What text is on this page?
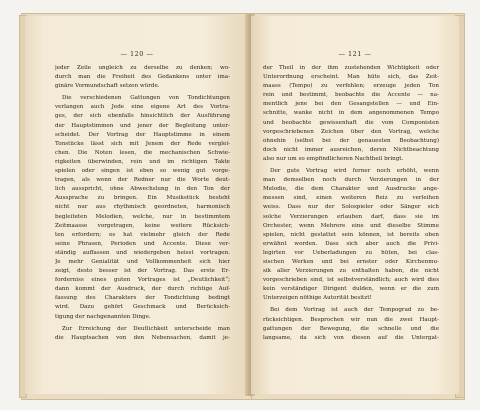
— 120 —
jeder Zeile ungleich zu derselbe zu denken; wo-
durch man die Freiheit des Gedankens unter ima-
ginäre Vormundschaft setzen würde.
Die verschiedenen Gattungen von Tondichtungen
verlangen auch Jede eine eigene Art des Vortra-
ges, der sich ebenfalls hinsichtlich der Ausführung
der Hauptstimmen und jener der Begleitung unter-
scheidet. Der Vortrag der Hauptstimme in einem
Tonstücke lässt sich mit Jenem der Rede verglei-
chen. Die Noten lesen, die mechanischen Schwie-
rigkeiten überwinden, rein und im richtigen Takte
spielen oder singen ist eben so wenig gut vorge-
tragen, als wenn der Redner nur die Worte deut-
lich ausspricht, ohne Abwechslung in den Ton der
Aussprache zu bringen. Ein Musikstück besteht
nicht nur aus rhythmisch geordneten, harmonisch
begleiteten Melodien, welche, nur in bestimmtem
Zeitmaasse vorgetragen, keine weitere Rücksich-
ten erfordern; es hat vielmehr gleich der Rede
seine Phrasen, Perioden und Accente. Diese ver-
ständig auffassen und wiedergeben heisst vortragen.
Je mehr Genialität und Vollkommenheit sich hier
zeigt, desto besser ist der Vortrag. Das erste Er-
forderniss eines guten Vortrages ist „Deutlichkeit“;
dann kommt der Ausdruck, der durch richtige Auf-
fassung des Charakters der Tondichtung bedingt
wird. Dazu gehört Geschmack und Berücksich-
tigung der nachgenannten Dinge.
Zur Erreichung der Deutlichkeit unterscheide man
die Hauptsachen von den Nebensachen, damit je-
— 121 —
der Theil in der ihm zustehenden Wichtigkeit oder
Unterordnung erscheint. Man hüte sich, das Zeit-
maass (Tempo) zu verfehlen; erzeuge jeden Ton
rein und bestimmt, beobachte die Accente — na-
mentlich jene bei den Gesangstellen — und Ein-
schnitte, wanke nicht in dem angenommenen Tempo
und beobachte gewissenhaft die vom Componisten
vorgeschriebenen Zeichen über den Vortrag, welche
ohnehin (selbst bei der genauesten Beobachtung)
doch nicht immer ausreichen, deren Nichtbeachtung
also nur um so empfindlicheren Nachtheil bringt.
Der gute Vortrag wird ferner noch erhöht, wenn
man demselben noch durch Verzierungen in der
Melodie, die dem Charakter und Ausdrucke ange-
messen sind, einen weiteren Reiz zu verleihen
weiss. Dass nur der Solospieler oder Sänger sich
solche Verzierungen erlauben darf, dass sie im
Orchester, wenn Mehrere eine und dieselbe Stimme
spielen, nicht gestattet sein können, ist bereits oben
erwähnt worden. Dass sich aber auch die Privi-
legirten vor Ueberladungen zu hüten, bei clas-
sischen Werken und bei ernster oder Kirchenmu-
sik aller Verzierungen zu enthalten haben, die nicht
vorgeschrieben sind, ist selbstverständlich; auch wird dies
kein verständiger Dirigent dulden, wenn er die zum
Unterzeigen nöthige Autorität besitzt!
Bei dem Vortrag ist auch der Tempograd zu be-
rücksichtigen. Besprochen wir nun die zwei Haupt-
gattungen der Bewegung, die schnelle und die
langsame, da sich von diesen auf die Untergat-
